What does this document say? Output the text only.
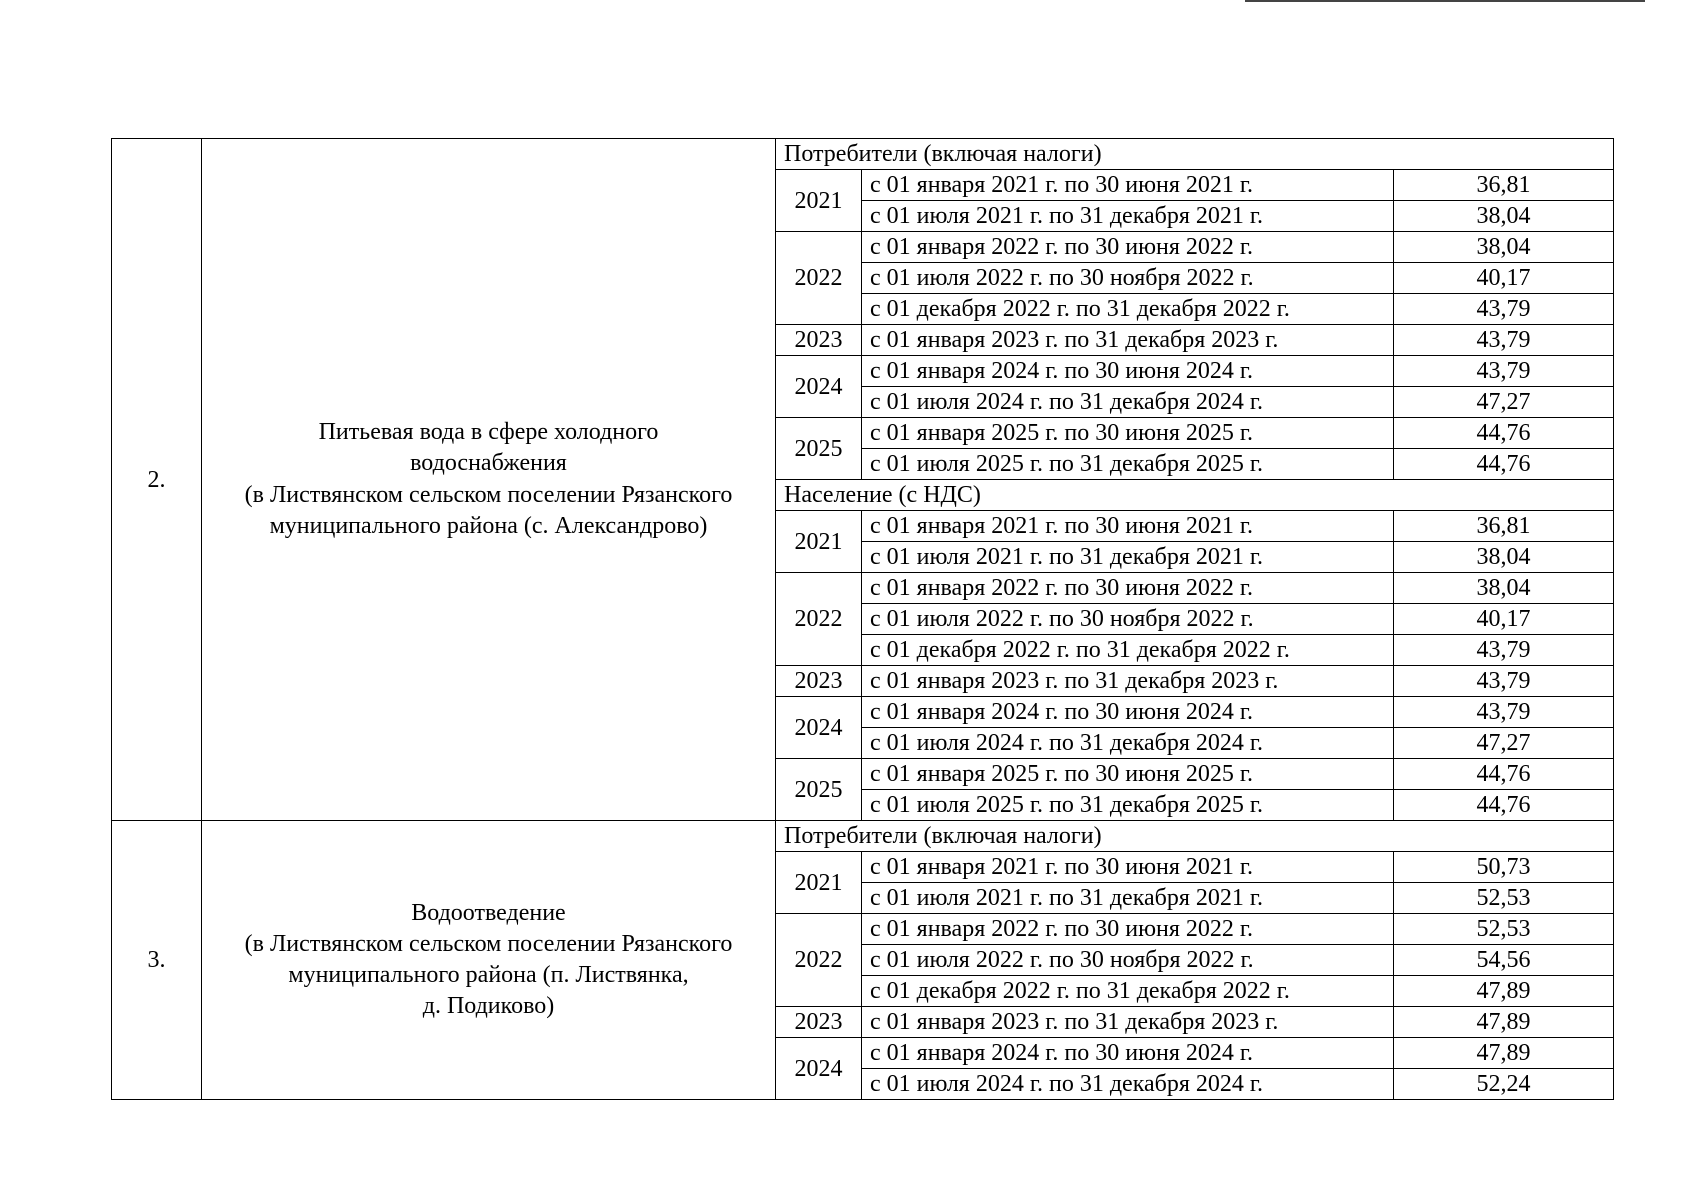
2.	Питьевая вода в сфере холодного
водоснабжения
(в Листвянском сельском поселении Рязанского
муниципального района (с. Александрово)	Потребители (включая налоги)		
		2021	с 01 января 2021 г. по 30 июня 2021 г.	36,81
			с 01 июля 2021 г. по 31 декабря 2021 г.	38,04
		2022	с 01 января 2022 г. по 30 июня 2022 г.	38,04
			с 01 июля 2022 г. по 30 ноября 2022 г.	40,17
			с 01 декабря 2022 г. по 31 декабря 2022 г.	43,79
		2023	с 01 января 2023 г. по 31 декабря 2023 г.	43,79
		2024	с 01 января 2024 г. по 30 июня 2024 г.	43,79
			с 01 июля 2024 г. по 31 декабря 2024 г.	47,27
		2025	с 01 января 2025 г. по 30 июня 2025 г.	44,76
			с 01 июля 2025 г. по 31 декабря 2025 г.	44,76
		Население (с НДС)		
		2021	с 01 января 2021 г. по 30 июня 2021 г.	36,81
			с 01 июля 2021 г. по 31 декабря 2021 г.	38,04
		2022	с 01 января 2022 г. по 30 июня 2022 г.	38,04
			с 01 июля 2022 г. по 30 ноября 2022 г.	40,17
			с 01 декабря 2022 г. по 31 декабря 2022 г.	43,79
		2023	с 01 января 2023 г. по 31 декабря 2023 г.	43,79
		2024	с 01 января 2024 г. по 30 июня 2024 г.	43,79
			с 01 июля 2024 г. по 31 декабря 2024 г.	47,27
		2025	с 01 января 2025 г. по 30 июня 2025 г.	44,76
			с 01 июля 2025 г. по 31 декабря 2025 г.	44,76
3.	Водоотведение
(в Листвянском сельском поселении Рязанского
муниципального района (п. Листвянка,
д. Подиково)	Потребители (включая налоги)		
		2021	с 01 января 2021 г. по 30 июня 2021 г.	50,73
			с 01 июля 2021 г. по 31 декабря 2021 г.	52,53
		2022	с 01 января 2022 г. по 30 июня 2022 г.	52,53
			с 01 июля 2022 г. по 30 ноября 2022 г.	54,56
			с 01 декабря 2022 г. по 31 декабря 2022 г.	47,89
		2023	с 01 января 2023 г. по 31 декабря 2023 г.	47,89
		2024	с 01 января 2024 г. по 30 июня 2024 г.	47,89
			с 01 июля 2024 г. по 31 декабря 2024 г.	52,24
